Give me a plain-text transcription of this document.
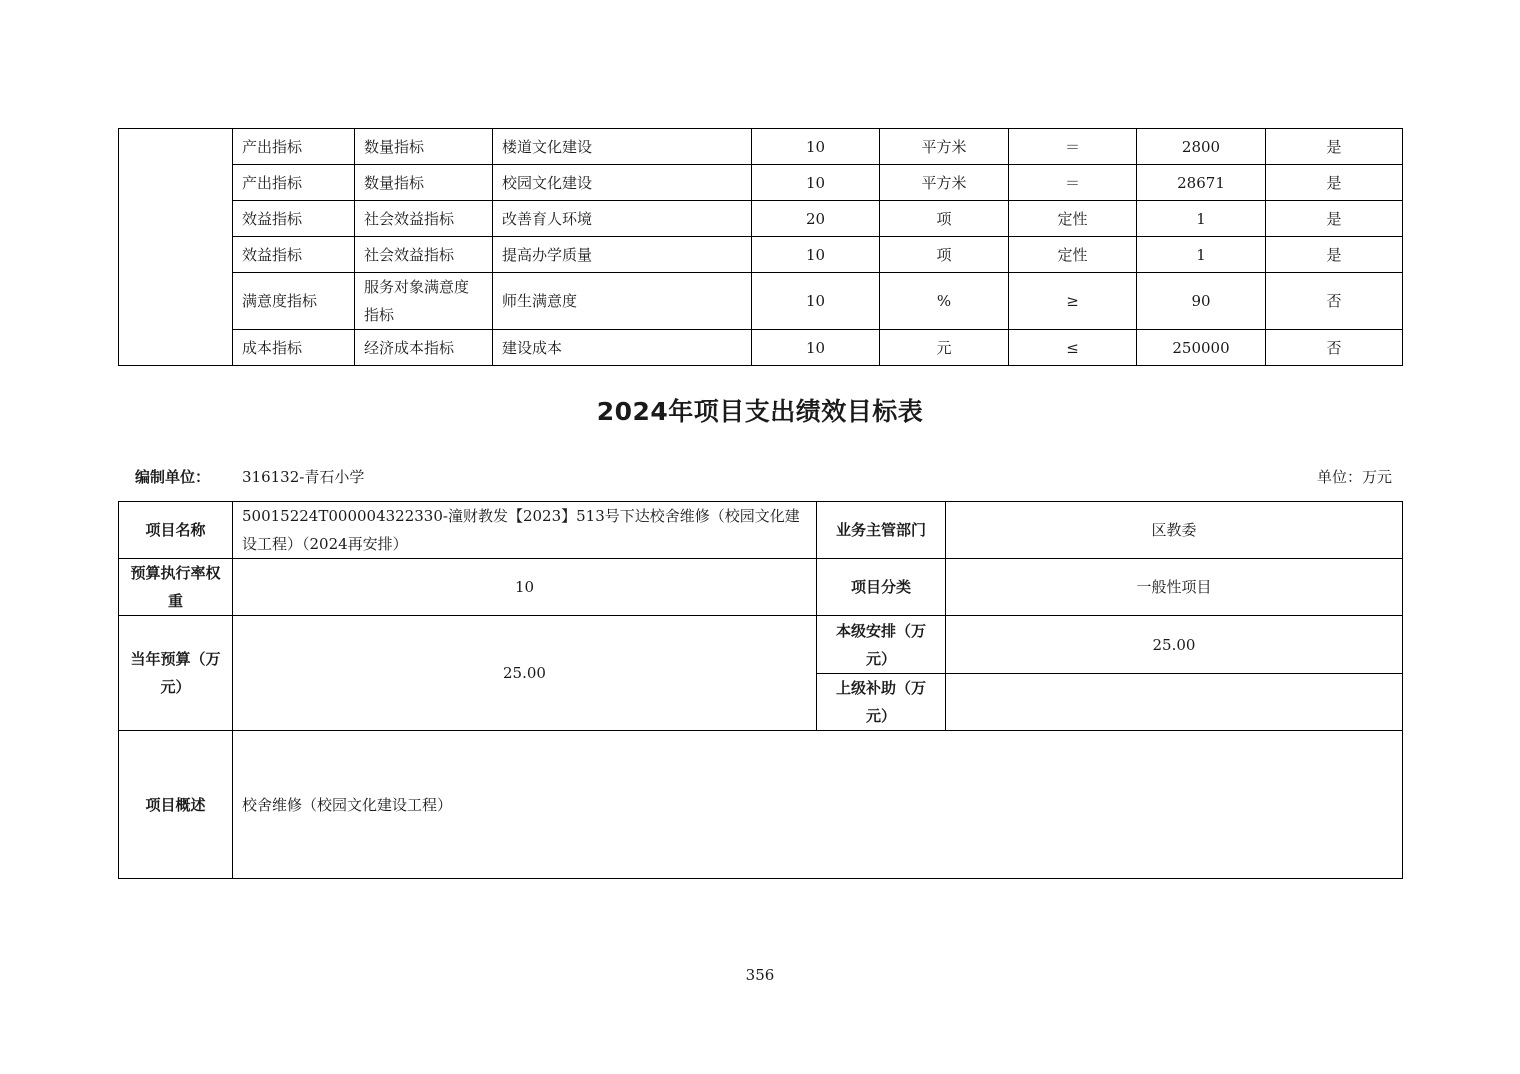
	产出指标	数量指标	楼道文化建设	10	平方米	＝	2800	是
	产出指标	数量指标	校园文化建设	10	平方米	＝	28671	是
	效益指标	社会效益指标	改善育人环境	20	项	定性	1	是
	效益指标	社会效益指标	提高办学质量	10	项	定性	1	是
	满意度指标	服务对象满意度指标	师生满意度	10	%	≥	90	否
	成本指标	经济成本指标	建设成本	10	元	≤	250000	否
2024年项目支出绩效目标表
编制单位： 316132-青石小学	单位：万元
项目名称	50015224T000004322330-潼财教发【2023】513号下达校舍维修（校园文化建设工程）（2024再安排）	业务主管部门	区教委
预算执行率权重	10	项目分类	一般性项目
当年预算（万元）	25.00	本级安排（万元）	25.00
		上级补助（万元）	
项目概述	校舍维修（校园文化建设工程）		
356
